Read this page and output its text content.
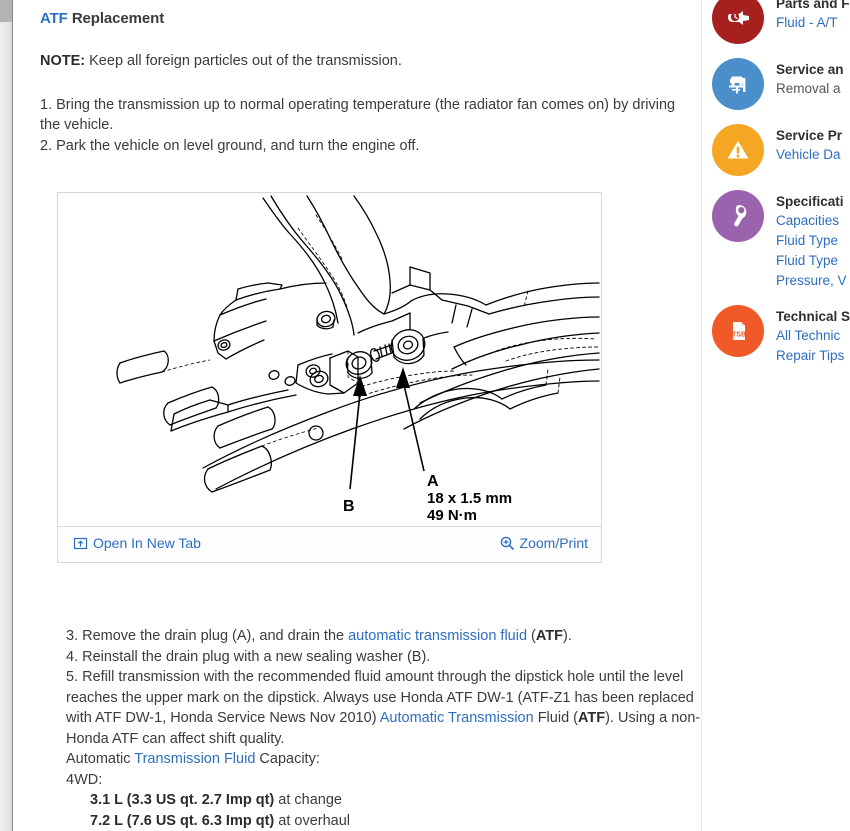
ATF Replacement
NOTE: Keep all foreign particles out of the transmission.
1. Bring the transmission up to normal operating temperature (the radiator fan comes on) by driving the vehicle.
2. Park the vehicle on level ground, and turn the engine off.
B
A
18 x 1.5 mm
49 N·m
Open In New Tab	Zoom/Print
3. Remove the drain plug (A), and drain the automatic transmission fluid (ATF).
4. Reinstall the drain plug with a new sealing washer (B).
5. Refill transmission with the recommended fluid amount through the dipstick hole until the level reaches the upper mark on the dipstick. Always use Honda ATF DW-1 (ATF-Z1 has been replaced with ATF DW-1, Honda Service News Nov 2010) Automatic Transmission Fluid (ATF). Using a non-Honda ATF can affect shift quality.
Automatic Transmission Fluid Capacity:
4WD:
3.1 L (3.3 US qt. 2.7 Imp qt) at change
7.2 L (7.6 US qt. 6.3 Imp qt) at overhaul
Parts and F
Fluid - A/T
Service an
Removal a
Service Pr
Vehicle Da
Specificati
Capacities
Fluid Type
Fluid Type
Pressure, V
TSB
Technical S
All Technic
Repair Tips
